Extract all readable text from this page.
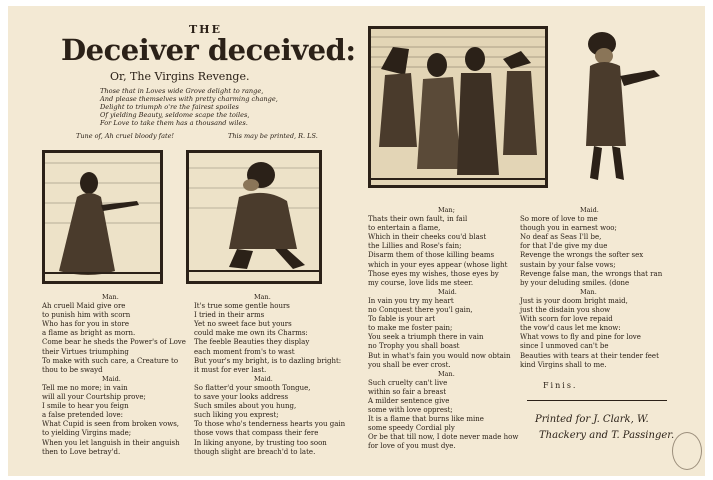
THE
Deceiver deceived:
Or, The Virgins Revenge.
Those that in Loves wide Grove delight to range,
And please themselves with pretty charming change,
Delight to triumph o're the fairest spoiles
Of yielding Beauty, seldome scape the toiles,
For Love to take them has a thousand wiles.
Tune of, Ah cruel bloody fate!	This may be printed, R. LS.
Man.
Ah cruell Maid give ore
to punish him with scorn
Who has for you in store
a flame as bright as morn.
Come bear he sheds the Power's of Love
their Virtues triumphing
To make with such care, a Creature to
thou to be swayd
Maid.
Tell me no more; in vain
will all your Courtship prove;
I smile to hear you feign
a false pretended love:
What Cupid is seen from broken vows,
to yielding Virgins made;
When you let languish in their anguish
then to Love betray'd.
Man.
It's true some gentle hours
I tried in their arms
Yet no sweet face but yours
could make me own its Charms:
The feeble Beauties they display
each moment from's to wast
But your's my bright, is to dazling bright:
it must for ever last.
Maid.
So flatter'd your smooth Tongue,
to save your looks address
Such smiles about you hung,
such liking you exprest;
To those who's tenderness hearts you gain
those vows that compass their fere
In liking anyone, by trusting too soon
though slight are breach'd to late.
Man;
Thats their own fault, in fail
to entertain a flame,
Which in their cheeks cou'd blast
the Lillies and Rose's fain;
Disarm them of those killing beams
which in your eyes appear (whose light
Those eyes my wishes, those eyes by
my course, love lids me steer.
Maid.
In vain you try my heart
no Conquest there you'l gain,
To fable is your art
to make me foster pain;
You seek a triumph there in vain
no Trophy you shall boast
But in what's fain you would now obtain
you shall be ever crost.
Man.
Such cruelty can't live
within so fair a breast
A milder sentence give
some with love opprest;
It is a flame that burns like mine
some speedy Cordial ply
Or be that till now, I dote never made how
for love of you must dye.
Maid.
So more of love to me
though you in earnest woo;
No deaf as Seas I'll be,
for that I'de give my due
Revenge the wrongs the softer sex
sustain by your false vows;
Revenge false man, the wrongs that ran
by your deluding smiles. (done
Man.
Just is your doom bright maid,
just the disdain you show
With scorn for love repaid
the vow'd caus let me know:
What vows to fly and pine for love
since I unmoved can't be
Beauties with tears at their tender feet
kind Virgins shall to me.
Finis.
Printed for J. Clark, W.
Thackery and T. Passinger.
